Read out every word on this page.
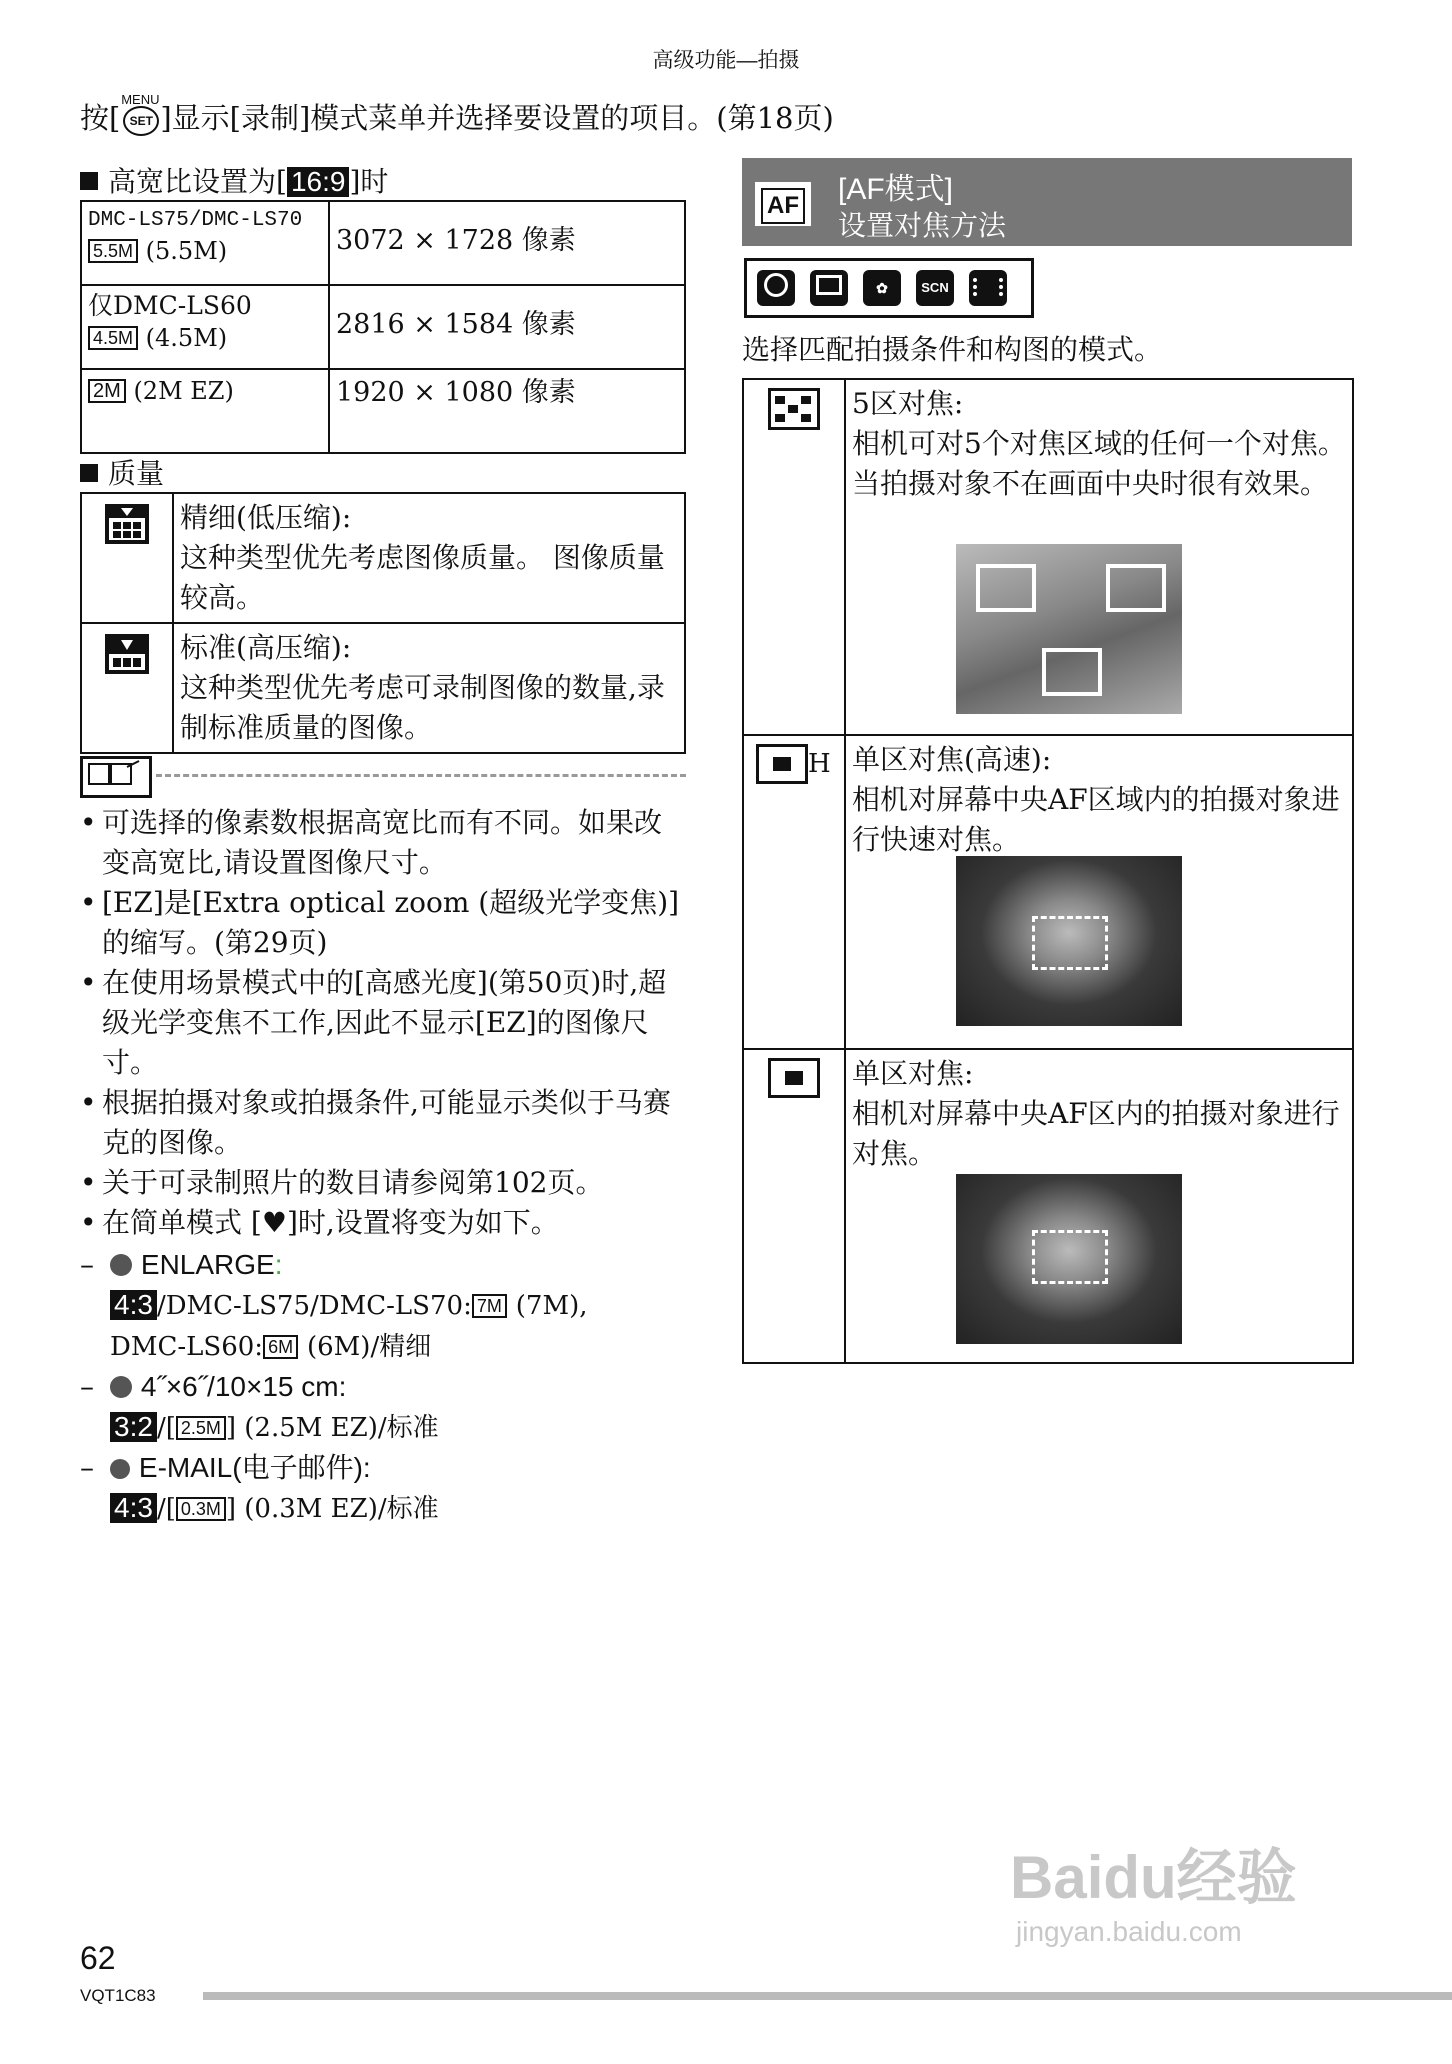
高级功能—拍摄
按[
MENU
SET ]显示[录制]模式菜单并选择要设置的项目。(第18页)
高宽比设置为[ 16:9 ]时
DMC-LS75/DMC-LS70
5.5M (5.5M)	3072 × 1728 像素

仅DMC-LS60
4.5M (4.5M)	2816 × 1584 像素

2M (2M EZ)	1920 × 1080 像素
质量

精细(低压缩):
这种类型优先考虑图像质量。 图像质量较高。

标准(高压缩):
这种类型优先考虑可录制图像的数量,录制标准质量的图像。
• 可选择的像素数根据高宽比而有不同。如果改变高宽比,请设置图像尺寸。
• [EZ]是[Extra optical zoom (超级光学变焦)]的缩写。(第29页)
• 在使用场景模式中的[高感光度](第50页)时,超级光学变焦不工作,因此不显示[EZ]的图像尺寸。
• 根据拍摄对象或拍摄条件,可能显示类似于马赛克的图像。
• 关于可录制照片的数目请参阅第102页。
• 在简单模式 [♥]时,设置将变为如下。
– ENLARGE:
4:3 /DMC-LS75/DMC-LS70: 7M (7M),
DMC-LS60: 6M (6M)/精细
– 4˝×6˝/10×15 cm:
3:2 /[ 2.5M ] (2.5M EZ)/标准
– E-MAIL(电子邮件):
4:3 /[ 0.3M ] (0.3M EZ)/标准
AF [AF模式]
设置对焦方法
✿	SCN
选择匹配拍摄条件和构图的模式。

5区对焦:
相机可对5个对焦区域的任何一个对焦。 当拍摄对象不在画面中央时很有效果。

H	单区对焦(高速):
相机对屏幕中央AF区域内的拍摄对象进行快速对焦。

	单区对焦:
相机对屏幕中央AF区内的拍摄对象进行对焦。
Baidu经验
jingyan.baidu.com
62
VQT1C83
